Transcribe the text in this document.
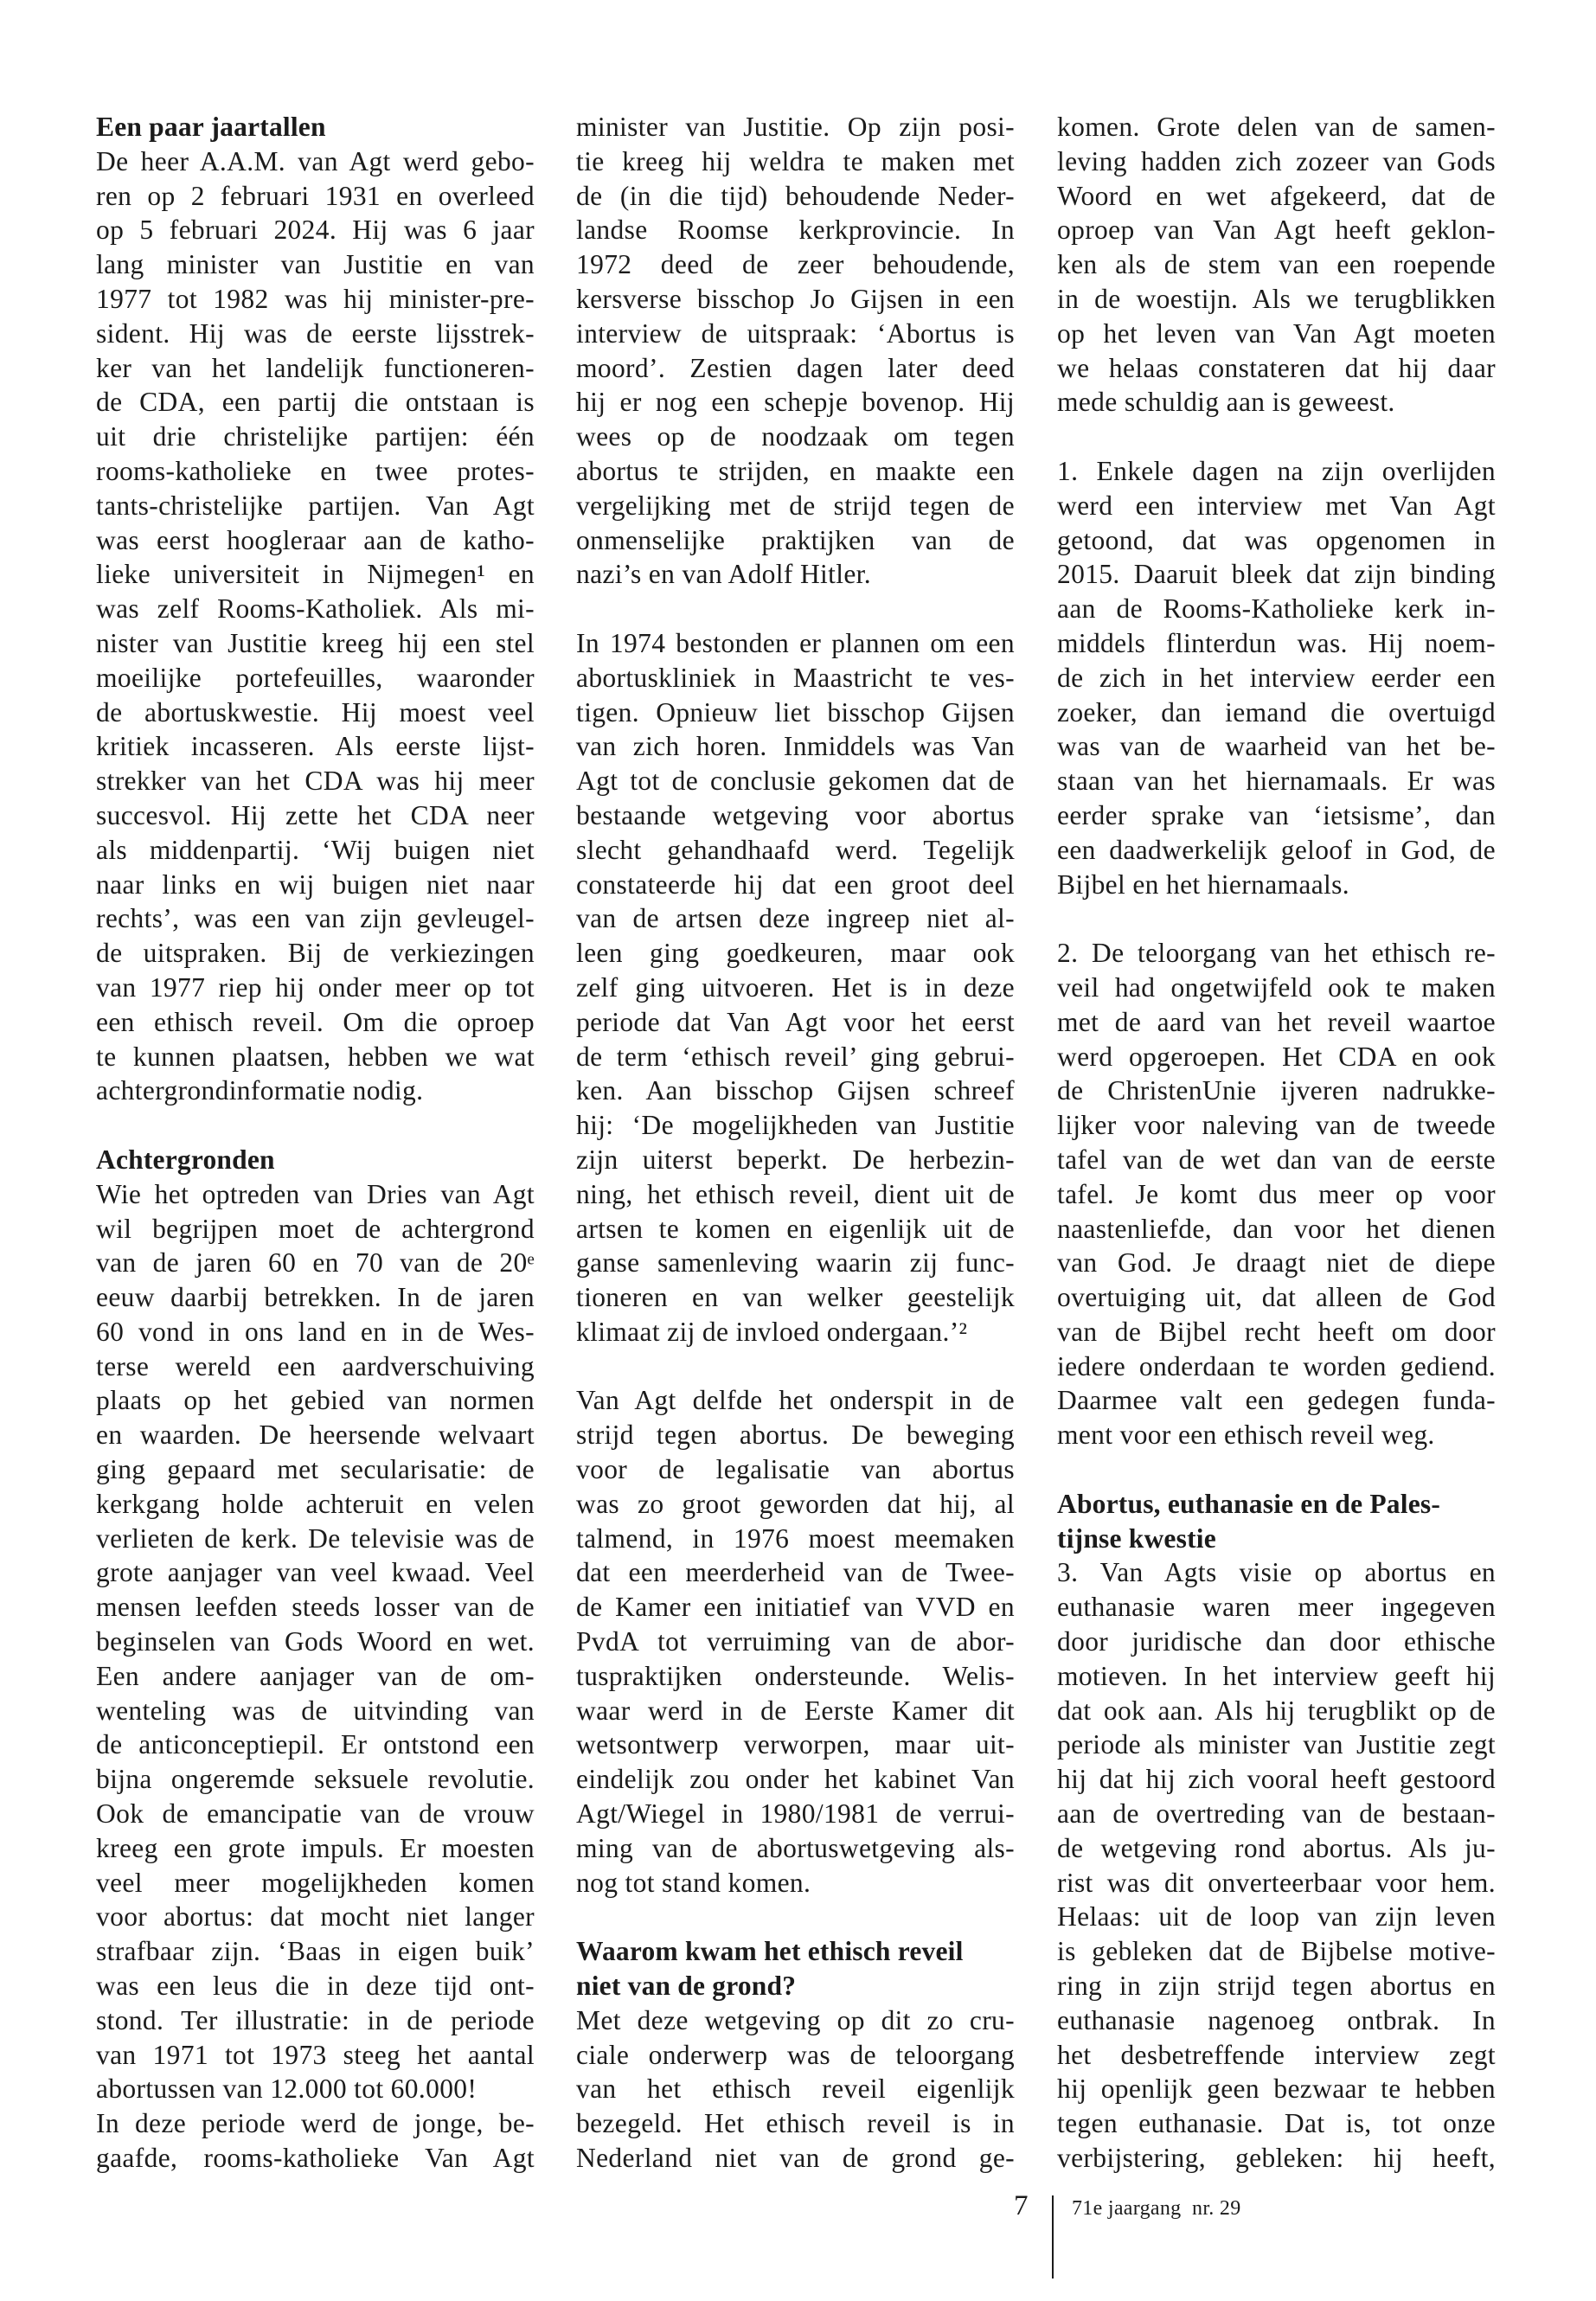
Een paar jaartallen
De heer A.A.M. van Agt werd gebo-
ren op 2 februari 1931 en overleed
op 5 februari 2024. Hij was 6 jaar
lang minister van Justitie en van
1977 tot 1982 was hij minister-pre-
sident. Hij was de eerste lijsstrek-
ker van het landelijk functioneren-
de CDA, een partij die ontstaan is
uit drie christelijke partijen: één
rooms-katholieke en twee protes-
tants-christelijke partijen. Van Agt
was eerst hoogleraar aan de katho-
lieke universiteit in Nijmegen¹ en
was zelf Rooms-Katholiek. Als mi-
nister van Justitie kreeg hij een stel
moeilijke portefeuilles, waaronder
de abortuskwestie. Hij moest veel
kritiek incasseren. Als eerste lijst-
strekker van het CDA was hij meer
succesvol. Hij zette het CDA neer
als middenpartij. ‘Wij buigen niet
naar links en wij buigen niet naar
rechts’, was een van zijn gevleugel-
de uitspraken. Bij de verkiezingen
van 1977 riep hij onder meer op tot
een ethisch reveil. Om die oproep
te kunnen plaatsen, hebben we wat
achtergrondinformatie nodig.
Achtergronden
Wie het optreden van Dries van Agt
wil begrijpen moet de achtergrond
van de jaren 60 en 70 van de 20ᵉ
eeuw daarbij betrekken. In de jaren
60 vond in ons land en in de Wes-
terse wereld een aardverschuiving
plaats op het gebied van normen
en waarden. De heersende welvaart
ging gepaard met secularisatie: de
kerkgang holde achteruit en velen
verlieten de kerk. De televisie was de
grote aanjager van veel kwaad. Veel
mensen leefden steeds losser van de
beginselen van Gods Woord en wet.
Een andere aanjager van de om-
wenteling was de uitvinding van
de anticonceptiepil. Er ontstond een
bijna ongeremde seksuele revolutie.
Ook de emancipatie van de vrouw
kreeg een grote impuls. Er moesten
veel meer mogelijkheden komen
voor abortus: dat mocht niet langer
strafbaar zijn. ‘Baas in eigen buik’
was een leus die in deze tijd ont-
stond. Ter illustratie: in de periode
van 1971 tot 1973 steeg het aantal
abortussen van 12.000 tot 60.000!
In deze periode werd de jonge, be-
gaafde, rooms-katholieke Van Agt
minister van Justitie. Op zijn posi-
tie kreeg hij weldra te maken met
de (in die tijd) behoudende Neder-
landse Roomse kerkprovincie. In
1972 deed de zeer behoudende,
kersverse bisschop Jo Gijsen in een
interview de uitspraak: ‘Abortus is
moord’. Zestien dagen later deed
hij er nog een schepje bovenop. Hij
wees op de noodzaak om tegen
abortus te strijden, en maakte een
vergelijking met de strijd tegen de
onmenselijke praktijken van de
nazi’s en van Adolf Hitler.
In 1974 bestonden er plannen om een
abortuskliniek in Maastricht te ves-
tigen. Opnieuw liet bisschop Gijsen
van zich horen. Inmiddels was Van
Agt tot de conclusie gekomen dat de
bestaande wetgeving voor abortus
slecht gehandhaafd werd. Tegelijk
constateerde hij dat een groot deel
van de artsen deze ingreep niet al-
leen ging goedkeuren, maar ook
zelf ging uitvoeren. Het is in deze
periode dat Van Agt voor het eerst
de term ‘ethisch reveil’ ging gebrui-
ken. Aan bisschop Gijsen schreef
hij: ‘De mogelijkheden van Justitie
zijn uiterst beperkt. De herbezin-
ning, het ethisch reveil, dient uit de
artsen te komen en eigenlijk uit de
ganse samenleving waarin zij func-
tioneren en van welker geestelijk
klimaat zij de invloed ondergaan.’²
Van Agt delfde het onderspit in de
strijd tegen abortus. De beweging
voor de legalisatie van abortus
was zo groot geworden dat hij, al
talmend, in 1976 moest meemaken
dat een meerderheid van de Twee-
de Kamer een initiatief van VVD en
PvdA tot verruiming van de abor-
tuspraktijken ondersteunde. Welis-
waar werd in de Eerste Kamer dit
wetsontwerp verworpen, maar uit-
eindelijk zou onder het kabinet Van
Agt/Wiegel in 1980/1981 de verrui-
ming van de abortuswetgeving als-
nog tot stand komen.
Waarom kwam het ethisch reveil
niet van de grond?
Met deze wetgeving op dit zo cru-
ciale onderwerp was de teloorgang
van het ethisch reveil eigenlijk
bezegeld. Het ethisch reveil is in
Nederland niet van de grond ge-
komen. Grote delen van de samen-
leving hadden zich zozeer van Gods
Woord en wet afgekeerd, dat de
oproep van Van Agt heeft geklon-
ken als de stem van een roepende
in de woestijn. Als we terugblikken
op het leven van Van Agt moeten
we helaas constateren dat hij daar
mede schuldig aan is geweest.
1. Enkele dagen na zijn overlijden
werd een interview met Van Agt
getoond, dat was opgenomen in
2015. Daaruit bleek dat zijn binding
aan de Rooms-Katholieke kerk in-
middels flinterdun was. Hij noem-
de zich in het interview eerder een
zoeker, dan iemand die overtuigd
was van de waarheid van het be-
staan van het hiernamaals. Er was
eerder sprake van ‘ietsisme’, dan
een daadwerkelijk geloof in God, de
Bijbel en het hiernamaals.
2. De teloorgang van het ethisch re-
veil had ongetwijfeld ook te maken
met de aard van het reveil waartoe
werd opgeroepen. Het CDA en ook
de ChristenUnie ijveren nadrukke-
lijker voor naleving van de tweede
tafel van de wet dan van de eerste
tafel. Je komt dus meer op voor
naastenliefde, dan voor het dienen
van God. Je draagt niet de diepe
overtuiging uit, dat alleen de God
van de Bijbel recht heeft om door
iedere onderdaan te worden gediend.
Daarmee valt een gedegen funda-
ment voor een ethisch reveil weg.
Abortus, euthanasie en de Pales-
tijnse kwestie
3. Van Agts visie op abortus en
euthanasie waren meer ingegeven
door juridische dan door ethische
motieven. In het interview geeft hij
dat ook aan. Als hij terugblikt op de
periode als minister van Justitie zegt
hij dat hij zich vooral heeft gestoord
aan de overtreding van de bestaan-
de wetgeving rond abortus. Als ju-
rist was dit onverteerbaar voor hem.
Helaas: uit de loop van zijn leven
is gebleken dat de Bijbelse motive-
ring in zijn strijd tegen abortus en
euthanasie nagenoeg ontbrak. In
het desbetreffende interview zegt
hij openlijk geen bezwaar te hebben
tegen euthanasie. Dat is, tot onze
verbijstering, gebleken: hij heeft,
7 71e jaargang  nr. 29
